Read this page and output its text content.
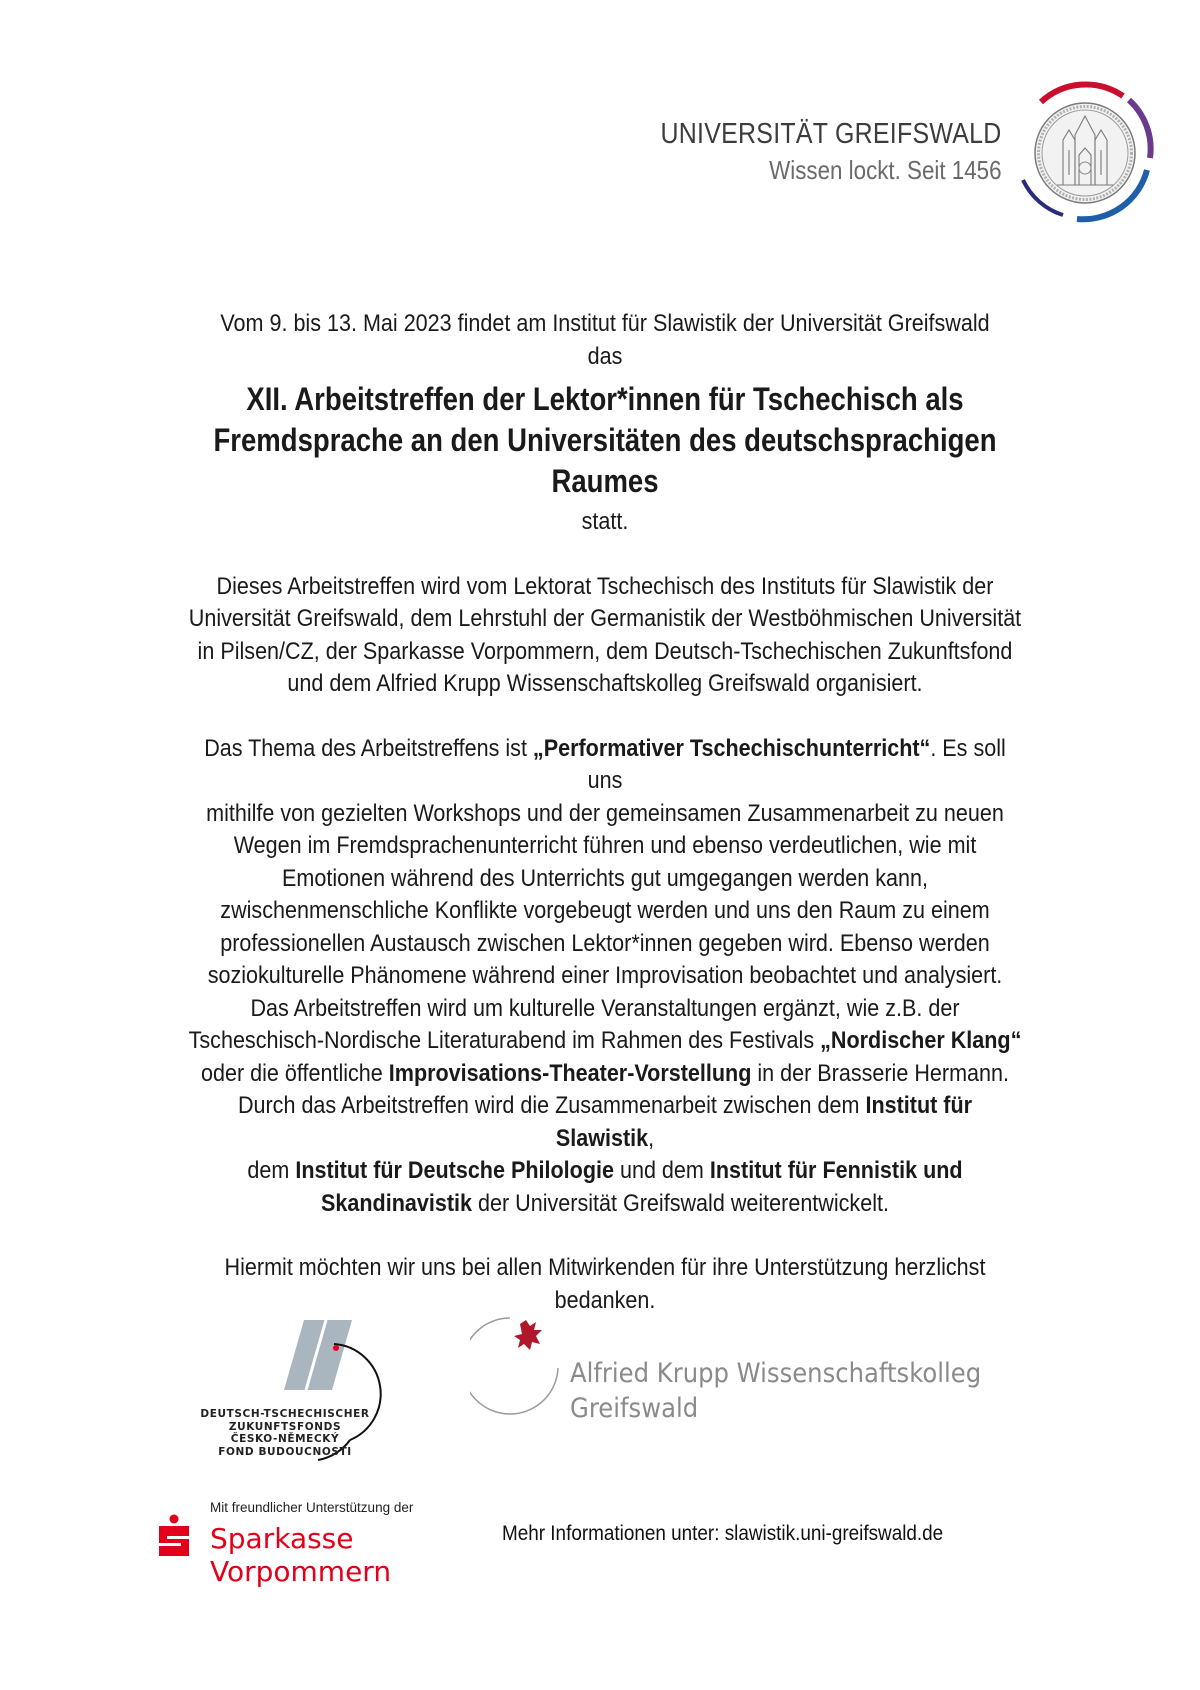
UNIVERSITÄT GREIFSWALD
Wissen lockt. Seit 1456

Vom 9. bis 13. Mai 2023 findet am Institut für Slawistik der Universität Greifswald

das

XII. Arbeitstreffen der Lektor*innen für Tschechisch als
Fremdsprache an den Universitäten des deutschsprachigen
Raumes

statt.

Dieses Arbeitstreffen wird vom Lektorat Tschechisch des Instituts für Slawistik der

Universität Greifswald, dem Lehrstuhl der Germanistik der Westböhmischen Universität

in Pilsen/CZ, der Sparkasse Vorpommern, dem Deutsch-Tschechischen Zukunftsfond

und dem Alfried Krupp Wissenschaftskolleg Greifswald organisiert.

Das Thema des Arbeitstreffens ist „Performativer Tschechischunterricht“. Es soll uns

mithilfe von gezielten Workshops und der gemeinsamen Zusammenarbeit zu neuen

Wegen im Fremdsprachenunterricht führen und ebenso verdeutlichen, wie mit

Emotionen während des Unterrichts gut umgegangen werden kann,

zwischenmenschliche Konflikte vorgebeugt werden und uns den Raum zu einem

professionellen Austausch zwischen Lektor*innen gegeben wird. Ebenso werden

soziokulturelle Phänomene während einer Improvisation beobachtet und analysiert.

Das Arbeitstreffen wird um kulturelle Veranstaltungen ergänzt, wie z.B. der

Tscheschisch-Nordische Literaturabend im Rahmen des Festivals „Nordischer Klang“

oder die öffentliche Improvisations-Theater-Vorstellung in der Brasserie Hermann.

Durch das Arbeitstreffen wird die Zusammenarbeit zwischen dem Institut für Slawistik,

dem Institut für Deutsche Philologie und dem Institut für Fennistik und

Skandinavistik der Universität Greifswald weiterentwickelt.

Hiermit möchten wir uns bei allen Mitwirkenden für ihre Unterstützung herzlichst

bedanken.

DEUTSCH-TSCHECHISCHER
ZUKUNFTSFONDS
ČESKO-NĚMECKÝ
FOND BUDOUCNOSTI
Alfried Krupp Wissenschaftskolleg
Greifswald
Mit freundlicher Unterstützung der
Sparkasse
Vorpommern
Mehr Informationen unter: slawistik.uni-greifswald.de
